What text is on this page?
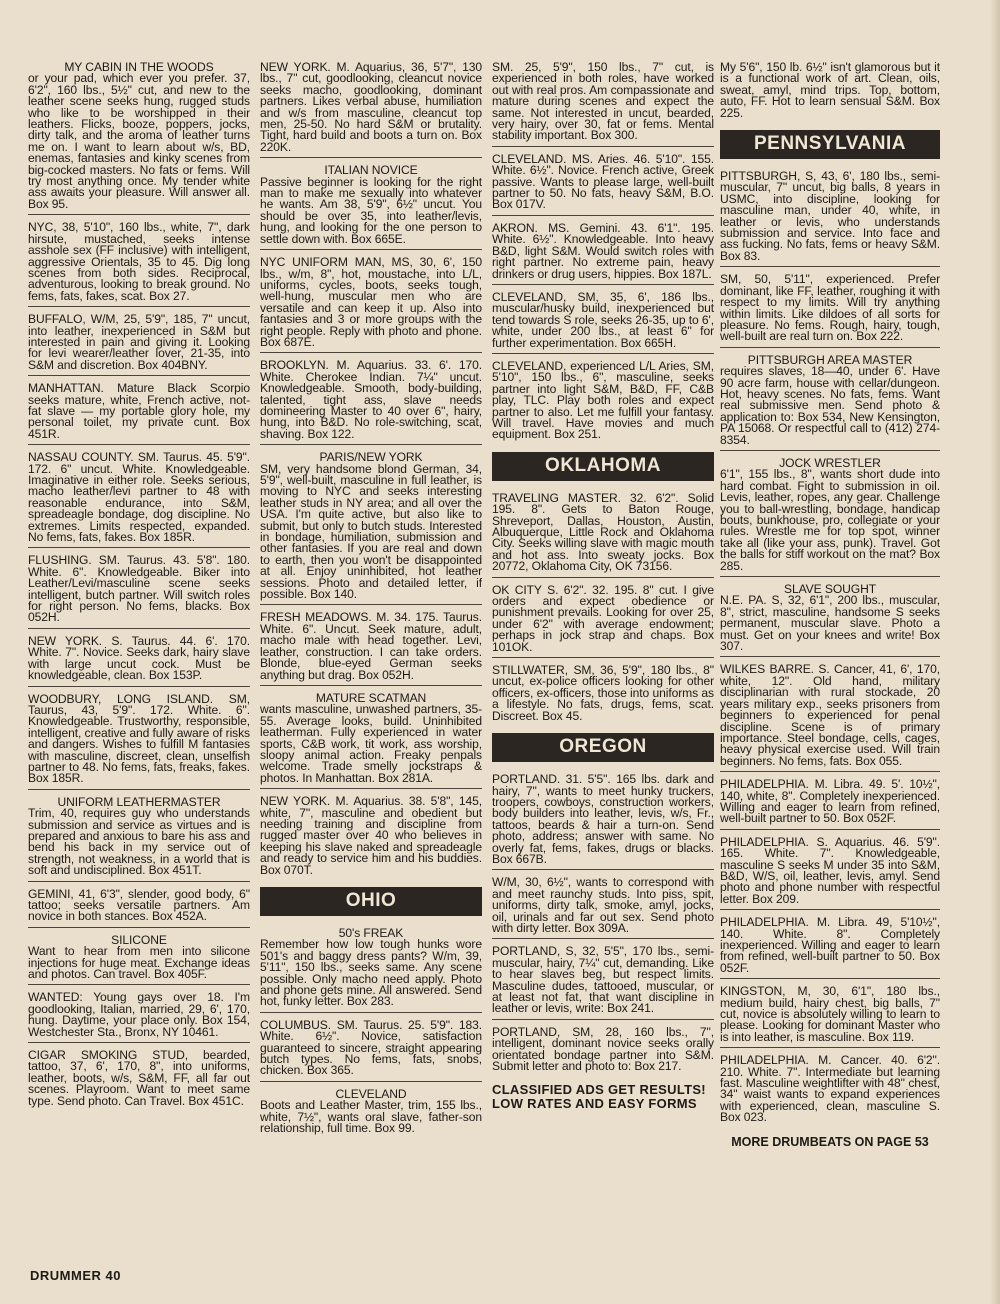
MY CABIN IN THE WOODS
or your pad, which ever you prefer. 37, 6'2", 160 lbs., 5½" cut, and new to the leather scene seeks hung, rugged studs who like to be worshipped in their leathers. Flicks, booze, poppers, jocks, dirty talk, and the aroma of leather turns me on. I want to learn about w/s, BD, enemas, fantasies and kinky scenes from big-cocked masters. No fats or fems. Will try most anything once. My tender white ass awaits your pleasure. Will answer all. Box 95.

NYC, 38, 5'10", 160 lbs., white, 7", dark hirsute, mustached, seeks intense asshole sex (FF inclusive) with intelligent, aggressive Orientals, 35 to 45. Dig long scenes from both sides. Reciprocal, adventurous, looking to break ground. No fems, fats, fakes, scat. Box 27.

BUFFALO, W/M, 25, 5'9", 185, 7" uncut, into leather, inexperienced in S&M but interested in pain and giving it. Looking for levi wearer/leather lover, 21-35, into S&M and discretion. Box 404BNY.

MANHATTAN. Mature Black Scorpio seeks mature, white, French active, not-fat slave — my portable glory hole, my personal toilet, my private cunt. Box 451R.

NASSAU COUNTY. SM. Taurus. 45. 5'9". 172. 6" uncut. White. Knowledgeable. Imaginative in either role. Seeks serious, macho leather/levi partner to 48 with reasonable endurance, into S&M, spreadeagle bondage, dog discipline. No extremes. Limits respected, expanded. No fems, fats, fakes. Box 185R.

FLUSHING. SM. Taurus. 43. 5'8". 180. White. 6". Knowledgeable. Biker into Leather/Levi/masculine scene seeks intelligent, butch partner. Will switch roles for right person. No fems, blacks. Box 052H.

NEW YORK. S. Taurus. 44. 6'. 170. White. 7". Novice. Seeks dark, hairy slave with large uncut cock. Must be knowledgeable, clean. Box 153P.

WOODBURY, LONG ISLAND. SM, Taurus, 43, 5'9". 172. White. 6". Knowledgeable. Trustworthy, responsible, intelligent, creative and fully aware of risks and dangers. Wishes to fulfill M fantasies with masculine, discreet, clean, unselfish partner to 48. No fems, fats, freaks, fakes. Box 185R.

UNIFORM LEATHERMASTER
Trim, 40, requires guy who understands submission and service as virtues and is prepared and anxious to bare his ass and bend his back in my service out of strength, not weakness, in a world that is soft and undisciplined. Box 451T.

GEMINI, 41, 6'3", slender, good body, 6" tattoo; seeks versatile partners. Am novice in both stances. Box 452A.

SILICONE
Want to hear from men into silicone injections for huge meat. Exchange ideas and photos. Can travel. Box 405F.

WANTED: Young gays over 18. I'm goodlooking, Italian, married, 29, 6', 170, hung. Daytime, your place only. Box 154, Westchester Sta., Bronx, NY 10461.

CIGAR SMOKING STUD, bearded, tattoo, 37, 6', 170, 8", into uniforms, leather, boots, w/s, S&M, FF, all far out scenes. Playroom. Want to meet same type. Send photo. Can Travel. Box 451C.

NEW YORK. M. Aquarius, 36, 5'7", 130 lbs., 7" cut, goodlooking, cleancut novice seeks macho, goodlooking, dominant partners. Likes verbal abuse, humiliation and w/s from masculine, cleancut top men, 25-50. No hard S&M or brutality. Tight, hard build and boots a turn on. Box 220K.

ITALIAN NOVICE
Passive beginner is looking for the right man to make me sexually into whatever he wants. Am 38, 5'9", 6½" uncut. You should be over 35, into leather/levis, hung, and looking for the one person to settle down with. Box 665E.

NYC UNIFORM MAN, MS, 30, 6', 150 lbs., w/m, 8", hot, moustache, into L/L, uniforms, cycles, boots, seeks tough, well-hung, muscular men who are versatile and can keep it up. Also into fantasies and 3 or more groups with the right people. Reply with photo and phone. Box 687E.

BROOKLYN. M. Aquarius. 33. 6'. 170. White. Cherokee Indian. 7¼" uncut. Knowledgeable. Smooth, body-building, talented, tight ass, slave needs domineering Master to 40 over 6", hairy, hung, into B&D. No role-switching, scat, shaving. Box 122.

PARIS/NEW YORK
SM, very handsome blond German, 34, 5'9", well-built, masculine in full leather, is moving to NYC and seeks interesting leather studs in NY area; and all over the USA. I'm quite active, but also like to submit, but only to butch studs. Interested in bondage, humiliation, submission and other fantasies. If you are real and down to earth, then you won't be disappointed at all. Enjoy uninhibited, hot leather sessions. Photo and detailed letter, if possible. Box 140.

FRESH MEADOWS. M. 34. 175. Taurus. White. 6". Uncut. Seek mature, adult, macho male with head together. Levi, leather, construction. I can take orders. Blonde, blue-eyed German seeks anything but drag. Box 052H.

MATURE SCATMAN
wants masculine, unwashed partners, 35-55. Average looks, build. Uninhibited leatherman. Fully experienced in water sports, C&B work, tit work, ass worship, sloopy animal action. Freaky penpals welcome. Trade smelly jockstraps & photos. In Manhattan. Box 281A.

NEW YORK. M. Aquarius. 38. 5'8", 145, white, 7", masculine and obedient but needing training and discipline from rugged master over 40 who believes in keeping his slave naked and spreadeagle and ready to service him and his buddies. Box 070T.

OHIO

50's FREAK
Remember how low tough hunks wore 501's and baggy dress pants? W/m, 39, 5'11", 150 lbs., seeks same. Any scene possible. Only macho need apply. Photo and phone gets mine. All answered. Send hot, funky letter. Box 283.

COLUMBUS. SM. Taurus. 25. 5'9". 183. White. 6½". Novice, satisfaction guaranteed to sincere, straight appearing butch types. No fems, fats, snobs, chicken. Box 365.

CLEVELAND
Boots and Leather Master, trim, 155 lbs., white, 7½", wants oral slave, father-son relationship, full time. Box 99.

SM. 25, 5'9", 150 lbs., 7" cut, is experienced in both roles, have worked out with real pros. Am compassionate and mature during scenes and expect the same. Not interested in uncut, bearded, very hairy, over 30, fat or fems. Mental stability important. Box 300.

CLEVELAND. MS. Aries. 46. 5'10". 155. White. 6½". Novice. French active, Greek passive. Wants to please large, well-built partner to 50. No fats, heavy S&M, B.O. Box 017V.

AKRON. MS. Gemini. 43. 6'1". 195. White. 6½". Knowledgeable. Into heavy B&D, light S&M. Would switch roles with right partner. No extreme pain, heavy drinkers or drug users, hippies. Box 187L.

CLEVELAND, SM, 35, 6', 186 lbs., muscular/husky build, inexperienced but tend towards S role, seeks 26-35, up to 6', white, under 200 lbs., at least 6" for further experimentation. Box 665H.

CLEVELAND, experienced L/L Aries, SM, 5'10", 150 lbs., 6", masculine, seeks partner into light S&M, B&D, FF, C&B play, TLC. Play both roles and expect partner to also. Let me fulfill your fantasy. Will travel. Have movies and much equipment. Box 251.

OKLAHOMA

TRAVELING MASTER. 32. 6'2". Solid 195. 8". Gets to Baton Rouge, Shreveport, Dallas, Houston, Austin, Albuquerque, Little Rock and Oklahoma City. Seeks willing slave with magic mouth and hot ass. Into sweaty jocks. Box 20772, Oklahoma City, OK 73156.

OK CITY S. 6'2". 32. 195. 8" cut. I give orders and expect obedience or punishment prevails. Looking for over 25, under 6'2" with average endowment; perhaps in jock strap and chaps. Box 101OK.

STILLWATER, SM, 36, 5'9", 180 lbs., 8" uncut, ex-police officers looking for other officers, ex-officers, those into uniforms as a lifestyle. No fats, drugs, fems, scat. Discreet. Box 45.

OREGON

PORTLAND. 31. 5'5". 165 lbs. dark and hairy, 7", wants to meet hunky truckers, troopers, cowboys, construction workers, body builders into leather, levis, w/s, Fr., tattoos, beards & hair a turn-on. Send photo, address; answer with same. No overly fat, fems, fakes, drugs or blacks. Box 667B.

W/M, 30, 6½", wants to correspond with and meet raunchy studs. Into piss, spit, uniforms, dirty talk, smoke, amyl, jocks, oil, urinals and far out sex. Send photo with dirty letter. Box 309A.

PORTLAND, S, 32, 5'5", 170 lbs., semi-muscular, hairy, 7¼" cut, demanding. Like to hear slaves beg, but respect limits. Masculine dudes, tattooed, muscular, or at least not fat, that want discipline in leather or levis, write: Box 241.

PORTLAND, SM, 28, 160 lbs., 7", intelligent, dominant novice seeks orally orientated bondage partner into S&M. Submit letter and photo to: Box 217.

CLASSIFIED ADS GET RESULTS! LOW RATES AND EASY FORMS

My 5'6", 150 lb. 6½" isn't glamorous but it is a functional work of art. Clean, oils, sweat, amyl, mind trips. Top, bottom, auto, FF. Hot to learn sensual S&M. Box 225.

PENNSYLVANIA

PITTSBURGH, S, 43, 6', 180 lbs., semi-muscular, 7" uncut, big balls, 8 years in USMC, into discipline, looking for masculine man, under 40, white, in leather or levis, who understands submission and service. Into face and ass fucking. No fats, fems or heavy S&M. Box 83.

SM, 50, 5'11", experienced. Prefer dominant, like FF, leather, roughing it with respect to my limits. Will try anything within limits. Like dildoes of all sorts for pleasure. No fems. Rough, hairy, tough, well-built are real turn on. Box 222.

PITTSBURGH AREA MASTER
requires slaves, 18—40, under 6'. Have 90 acre farm, house with cellar/dungeon. Hot, heavy scenes. No fats, fems. Want real submissive men. Send photo & application to: Box 534, New Kensington, PA 15068. Or respectful call to (412) 274-8354.

JOCK WRESTLER
6'1", 155 lbs., 8", wants short dude into hard combat. Fight to submission in oil. Levis, leather, ropes, any gear. Challenge you to ball-wrestling, bondage, handicap bouts, bunkhouse, pro, collegiate or your rules. Wrestle me for top spot, winner take all (like your ass, punk). Travel. Got the balls for stiff workout on the mat? Box 285.

SLAVE SOUGHT
N.E. PA. S, 32, 6'1", 200 lbs., muscular, 8", strict, masculine, handsome S seeks permanent, muscular slave. Photo a must. Get on your knees and write! Box 307.

WILKES BARRE. S. Cancer, 41, 6', 170, white, 12". Old hand, military disciplinarian with rural stockade, 20 years military exp., seeks prisoners from beginners to experienced for penal discipline. Scene is of primary importance. Steel bondage, cells, cages, heavy physical exercise used. Will train beginners. No fems, fats. Box 055.

PHILADELPHIA. M. Libra. 49. 5'. 10½", 140, white, 8". Completely inexperienced. Willing and eager to learn from refined, well-built partner to 50. Box 052F.

PHILADELPHIA. S. Aquarius. 46. 5'9". 165. White. 7". Knowledgeable, masculine S seeks M under 35 into S&M, B&D, W/S, oil, leather, levis, amyl. Send photo and phone number with respectful letter. Box 209.

PHILADELPHIA. M. Libra. 49, 5'10½", 140. White. 8". Completely inexperienced. Willing and eager to learn from refined, well-built partner to 50. Box 052F.

KINGSTON, M, 30, 6'1", 180 lbs., medium build, hairy chest, big balls, 7" cut, novice is absolutely willing to learn to please. Looking for dominant Master who is into leather, is masculine. Box 119.

PHILADELPHIA. M. Cancer. 40. 6'2". 210. White. 7". Intermediate but learning fast. Masculine weightlifter with 48" chest, 34" waist wants to expand experiences with experienced, clean, masculine S. Box 023.

MORE DRUMBEATS ON PAGE 53
DRUMMER 40
